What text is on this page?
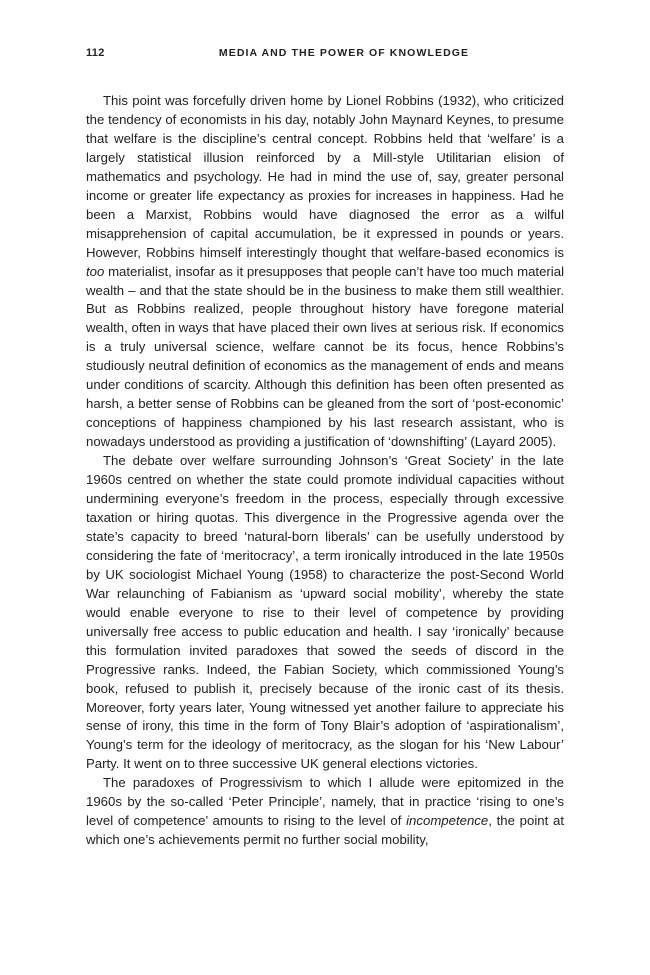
112	MEDIA AND THE POWER OF KNOWLEDGE

This point was forcefully driven home by Lionel Robbins (1932), who criticized the tendency of economists in his day, notably John Maynard Keynes, to presume that welfare is the discipline’s central concept. Robbins held that ‘welfare’ is a largely statistical illusion reinforced by a Mill-style Utilitarian elision of mathematics and psychology. He had in mind the use of, say, greater personal income or greater life expectancy as proxies for increases in happiness. Had he been a Marxist, Robbins would have diagnosed the error as a wilful misapprehension of capital accumulation, be it expressed in pounds or years. However, Robbins himself interestingly thought that welfare-based economics is too materialist, insofar as it presupposes that people can’t have too much material wealth – and that the state should be in the business to make them still wealthier. But as Robbins realized, people throughout history have foregone material wealth, often in ways that have placed their own lives at serious risk. If economics is a truly universal science, welfare cannot be its focus, hence Robbins’s studiously neutral definition of economics as the management of ends and means under conditions of scarcity. Although this definition has been often presented as harsh, a better sense of Robbins can be gleaned from the sort of ‘post-economic’ conceptions of happiness championed by his last research assistant, who is nowadays understood as providing a justification of ‘downshifting’ (Layard 2005).

The debate over welfare surrounding Johnson’s ‘Great Society’ in the late 1960s centred on whether the state could promote individual capacities without undermining everyone’s freedom in the process, especially through excessive taxation or hiring quotas. This divergence in the Progressive agenda over the state’s capacity to breed ‘natural-born liberals’ can be usefully understood by considering the fate of ‘meritocracy’, a term ironically introduced in the late 1950s by UK sociologist Michael Young (1958) to characterize the post-Second World War relaunching of Fabianism as ‘upward social mobility’, whereby the state would enable everyone to rise to their level of competence by providing universally free access to public education and health. I say ‘ironically’ because this formulation invited paradoxes that sowed the seeds of discord in the Progressive ranks. Indeed, the Fabian Society, which commissioned Young’s book, refused to publish it, precisely because of the ironic cast of its thesis. Moreover, forty years later, Young witnessed yet another failure to appreciate his sense of irony, this time in the form of Tony Blair’s adoption of ‘aspirationalism’, Young’s term for the ideology of meritocracy, as the slogan for his ‘New Labour’ Party. It went on to three successive UK general elections victories.

The paradoxes of Progressivism to which I allude were epitomized in the 1960s by the so-called ‘Peter Principle’, namely, that in practice ‘rising to one’s level of competence’ amounts to rising to the level of incompetence, the point at which one’s achievements permit no further social mobility,
